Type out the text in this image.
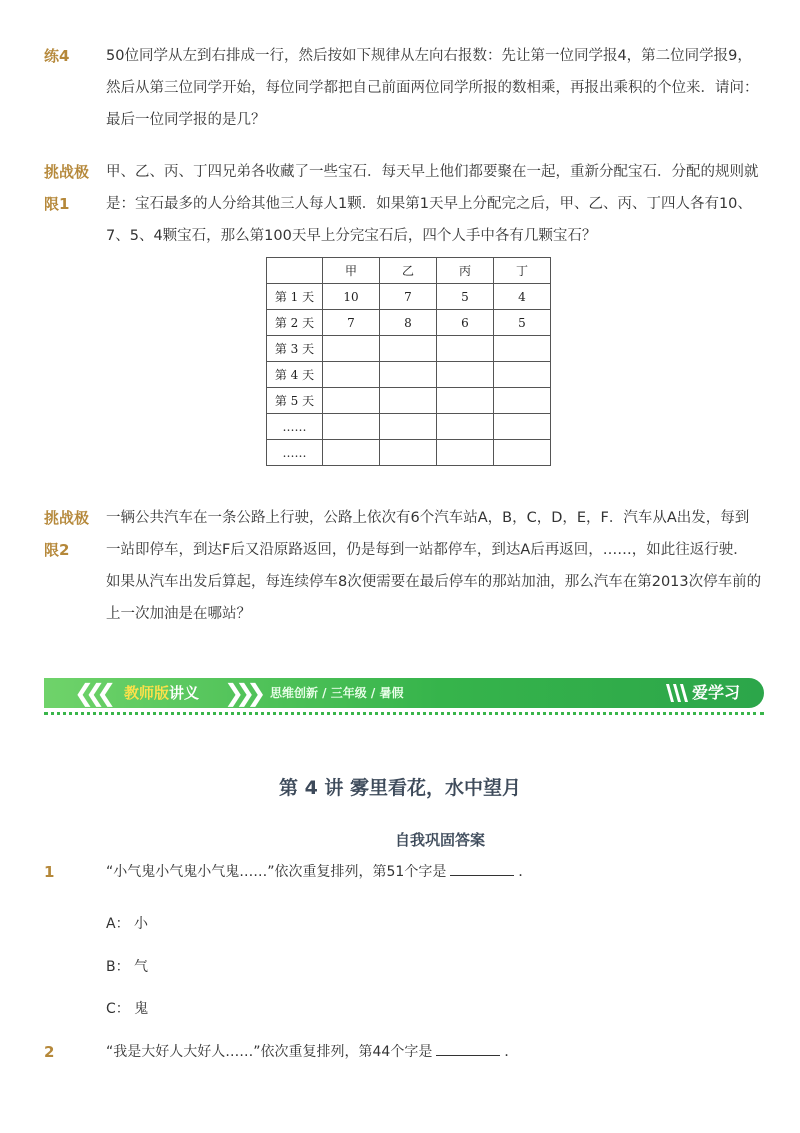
练4	50位同学从左到右排成一行，然后按如下规律从左向右报数：先让第一位同学报4，第二位同学报9，然后从第三位同学开始，每位同学都把自己前面两位同学所报的数相乘，再报出乘积的个位来．请问：最后一位同学报的是几？
挑战极限1
甲、乙、丙、丁四兄弟各收藏了一些宝石．每天早上他们都要聚在一起，重新分配宝石．分配的规则就是：宝石最多的人分给其他三人每人1颗．如果第1天早上分配完之后，甲、乙、丙、丁四人各有10、7、5、4颗宝石，那么第100天早上分完宝石后，四个人手中各有几颗宝石？
	甲	乙	丙	丁
第 1 天	10	7	5	4
第 2 天	7	8	6	5
第 3 天				
第 4 天				
第 5 天				
……				
……				
挑战极限2
一辆公共汽车在一条公路上行驶，公路上依次有6个汽车站A，B，C，D，E，F．汽车从A出发，每到一站即停车，到达F后又沿原路返回，仍是每到一站都停车，到达A后再返回，……，如此往返行驶．如果从汽车出发后算起，每连续停车8次便需要在最后停车的那站加油，那么汽车在第2013次停车前的上一次加油是在哪站？
❮❮❮ 教师版讲义 ❯❯❯ 思维创新 / 三年级 / 暑假	爱学习
第 4 讲 雾里看花，水中望月
自我巩固答案
1	“小气鬼小气鬼小气鬼……”依次重复排列，第51个字是	．
A： 小
B： 气
C： 鬼
2	“我是大好人大好人……”依次重复排列，第44个字是	．
